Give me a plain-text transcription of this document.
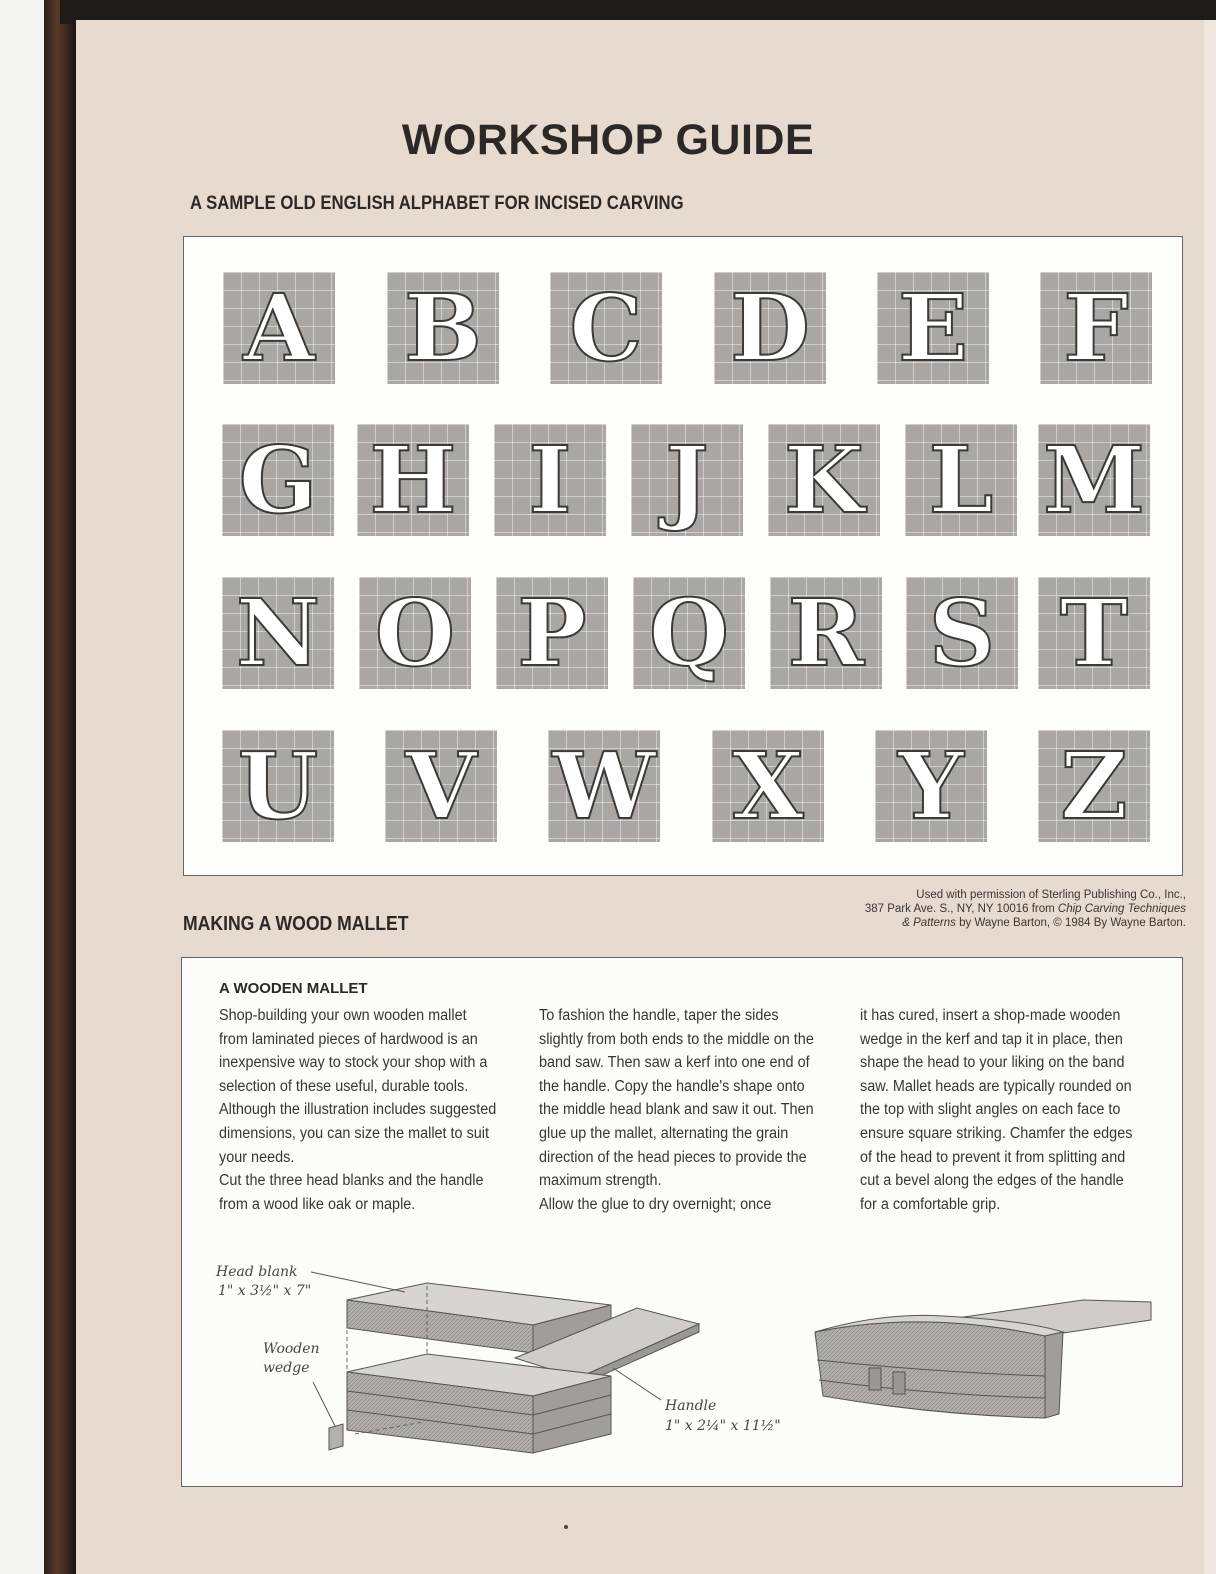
WORKSHOP GUIDE
A SAMPLE OLD ENGLISH ALPHABET FOR INCISED CARVING
A B C D E F
G H I	J K L M
N O P Q R S T
U V W X Y Z
Used with permission of Sterling Publishing Co., Inc.,
387 Park Ave. S., NY, NY 10016 from Chip Carving Techniques
& Patterns by Wayne Barton, © 1984 By Wayne Barton.
MAKING A WOOD MALLET
A WOODEN MALLET

Shop-building your own wooden mallet from laminated pieces of hardwood is an inexpensive way to stock your shop with a selection of these useful, durable tools. Although the illustration includes suggested dimensions, you can size the mallet to suit your needs.

Cut the three head blanks and the handle from a wood like oak or maple.

To fashion the handle, taper the sides slightly from both ends to the middle on the band saw. Then saw a kerf into one end of the handle. Copy the handle's shape onto the middle head blank and saw it out. Then glue up the mallet, alternating the grain direction of the head pieces to provide the maximum strength.

Allow the glue to dry overnight; once

it has cured, insert a shop-made wooden wedge in the kerf and tap it in place, then shape the head to your liking on the band saw. Mallet heads are typically rounded on the top with slight angles on each face to ensure square striking. Chamfer the edges of the head to prevent it from splitting and cut a bevel along the edges of the handle for a comfortable grip.

Head blank
1" x 3½" x 7"
Wooden
wedge
Handle
1" x 2¼" x 11½"
